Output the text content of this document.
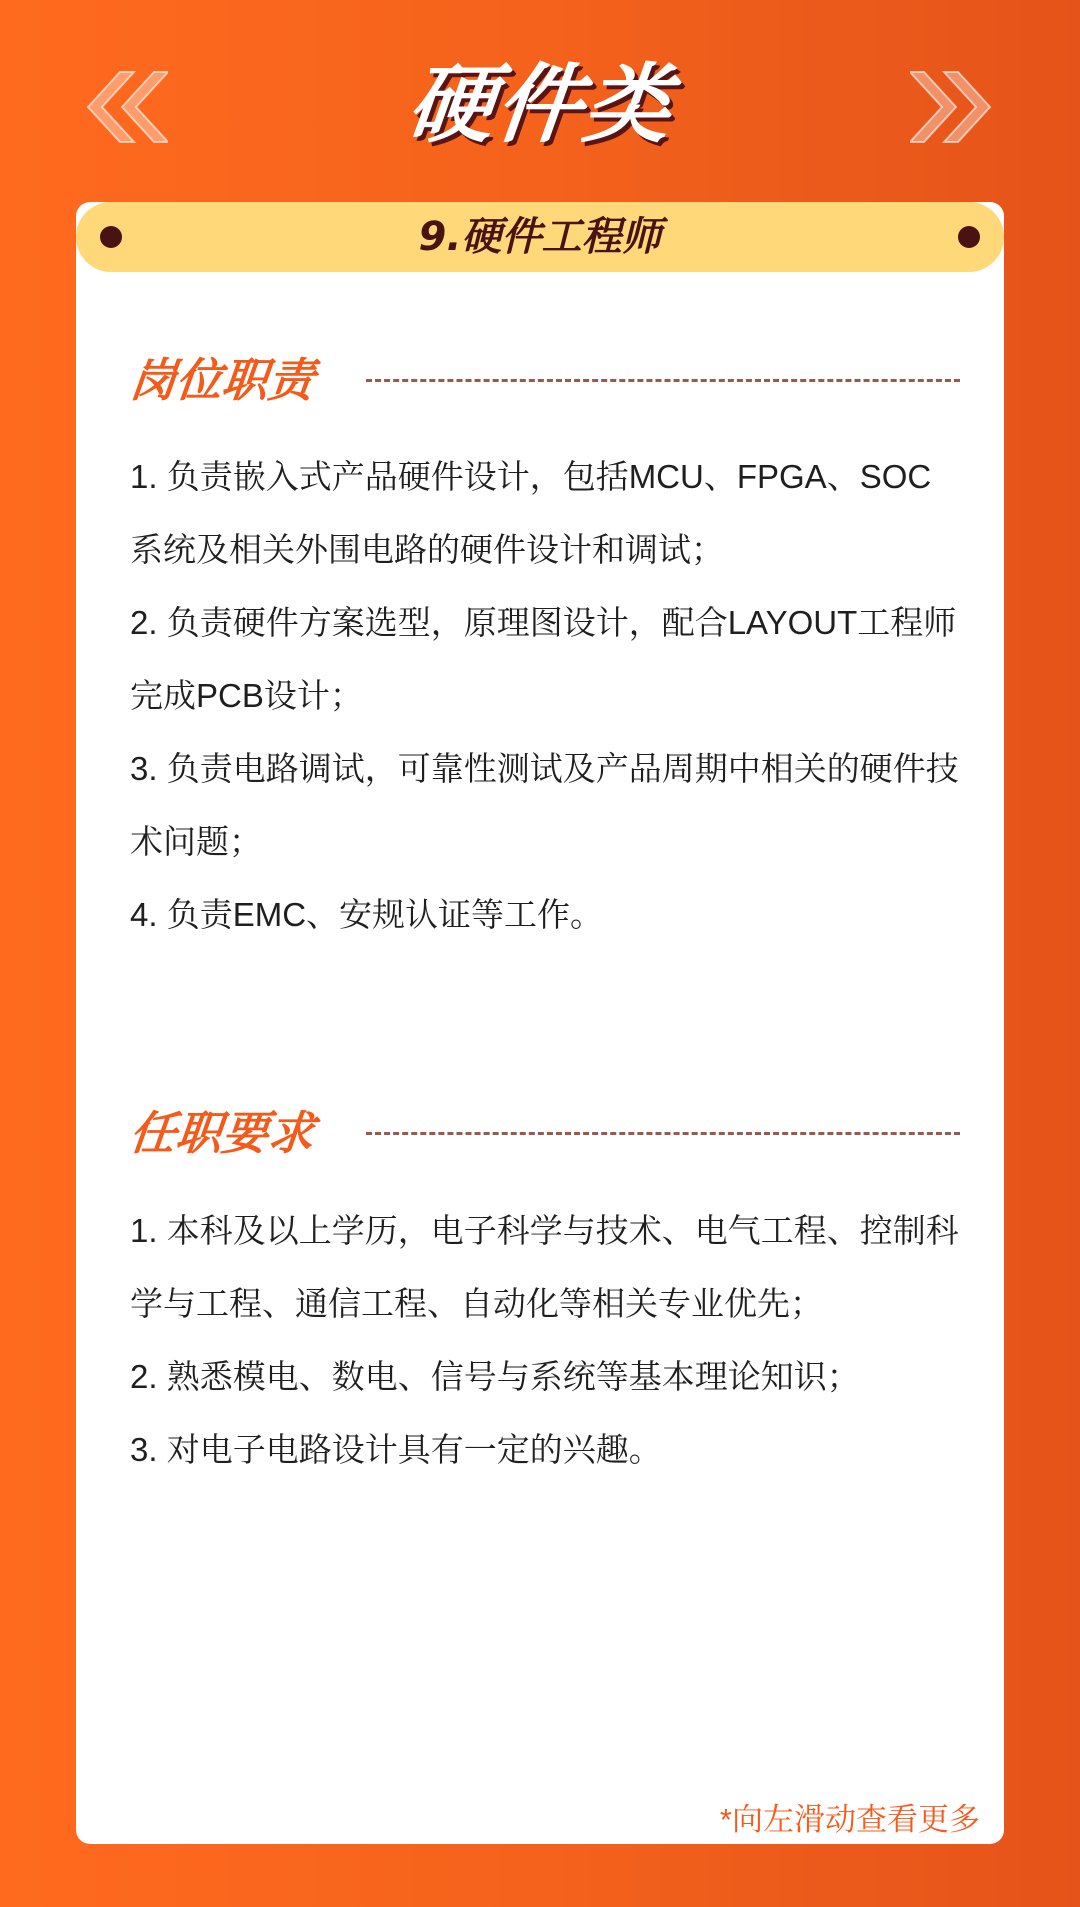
硬件类
9.硬件工程师
岗位职责

1. 负责嵌入式产品硬件设计，包括MCU、FPGA、SOC系统及相关外围电路的硬件设计和调试；

2. 负责硬件方案选型，原理图设计，配合LAYOUT工程师完成PCB设计；

3. 负责电路调试，可靠性测试及产品周期中相关的硬件技术问题；

4. 负责EMC、安规认证等工作。

任职要求

1. 本科及以上学历，电子科学与技术、电气工程、控制科学与工程、通信工程、自动化等相关专业优先；

2. 熟悉模电、数电、信号与系统等基本理论知识；

3. 对电子电路设计具有一定的兴趣。

*向左滑动查看更多
